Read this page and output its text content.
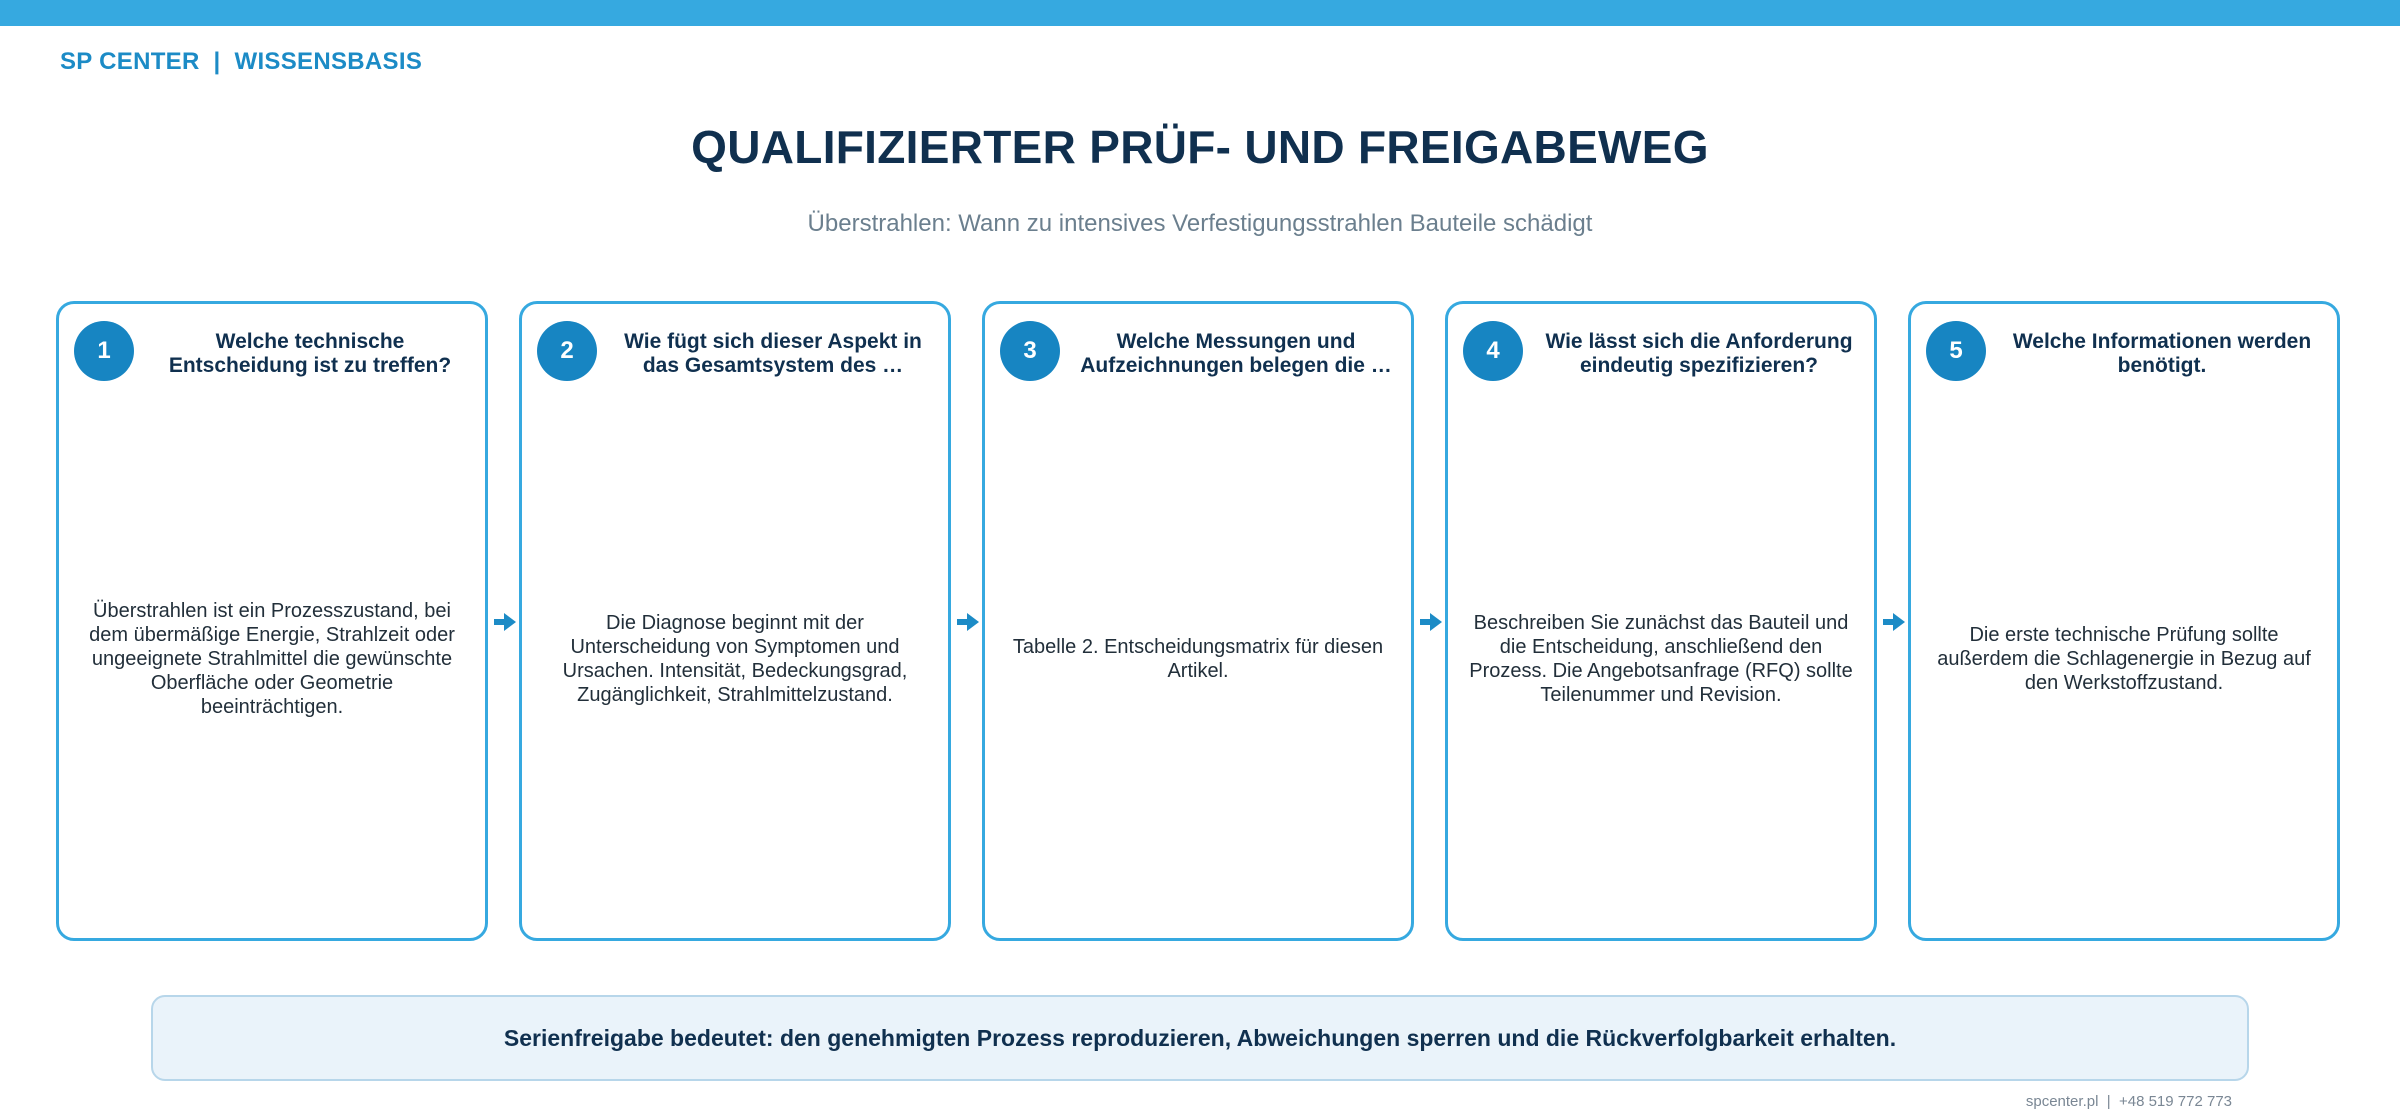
SP CENTER  |  WISSENSBASIS
QUALIFIZIERTER PRÜF- UND FREIGABEWEG
Überstrahlen: Wann zu intensives Verfestigungsstrahlen Bauteile schädigt
1	Welche technische Entscheidung ist zu treffen?
Überstrahlen ist ein Prozesszustand, bei dem übermäßige Energie, Strahlzeit oder ungeeignete Strahlmittel die gewünschte Oberfläche oder Geometrie beeinträchtigen.
2	Wie fügt sich dieser Aspekt in das Gesamtsystem des …
Die Diagnose beginnt mit der Unterscheidung von Symptomen und Ursachen. Intensität, Bedeckungsgrad, Zugänglichkeit, Strahlmittelzustand.
3	Welche Messungen und Aufzeichnungen belegen die …
Tabelle 2. Entscheidungsmatrix für diesen Artikel.
4	Wie lässt sich die Anforderung eindeutig spezifizieren?
Beschreiben Sie zunächst das Bauteil und die Entscheidung, anschließend den Prozess. Die Angebotsanfrage (RFQ) sollte Teilenummer und Revision.
5	Welche Informationen werden benötigt.
Die erste technische Prüfung sollte außerdem die Schlagenergie in Bezug auf den Werkstoffzustand.
Serienfreigabe bedeutet: den genehmigten Prozess reproduzieren, Abweichungen sperren und die Rückverfolgbarkeit erhalten.
spcenter.pl  |  +48 519 772 773
